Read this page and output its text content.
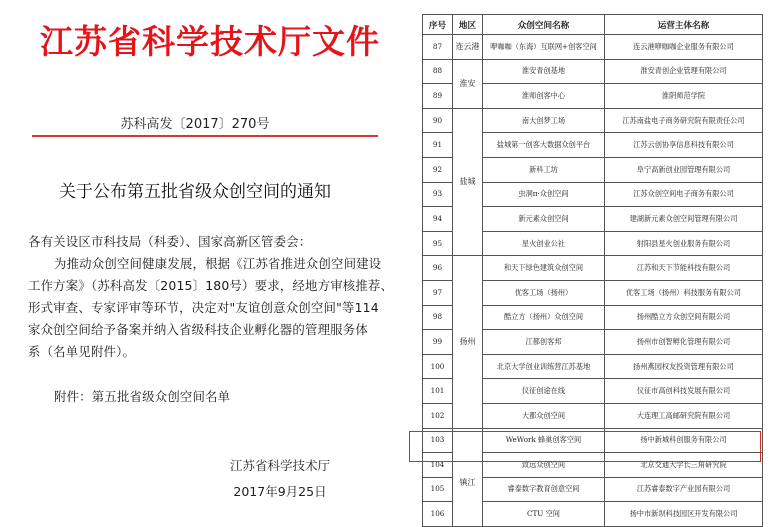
江苏省科学技术厅文件
苏科高发〔2017〕270号
关于公布第五批省级众创空间的通知
各有关设区市科技局（科委）、国家高新区管委会：
为推动众创空间健康发展，根据《江苏省推进众创空间建设
工作方案》（苏科高发〔2015〕180号）要求，经地方审核推荐、
形式审查、专家评审等环节，决定对"友谊创意众创空间"等114
家众创空间给予备案并纳入省级科技企业孵化器的管理服务体
系（名单见附件）。
附件：第五批省级众创空间名单
江苏省科学技术厅
2017年9月25日
序号	地区	众创空间名称	运营主体名称
87	连云港	咿咖咖（东海）互联网+创客空间	连云港咿咖咖企业服务有限公司
88	淮安	淮安青创基地	淮安青创企业管理有限公司
89		淮师创客中心	淮阴师范学院
90	盐城	南大创梦工场	江苏南盐电子商务研究院有限责任公司
91		盐城第一创客大数据众创平台	江苏云创协享信息科技有限公司
92		新科工坊	阜宁高新创业园管理有限公司
93		虫洞π·众创空间	江苏众创空间电子商务有限公司
94		新元素众创空间	建湖新元素众创空间管理有限公司
95		星火创业公社	射阳县星火创业服务有限公司
96	扬州	和天下绿色建筑众创空间	江苏和天下节能科技有限公司
97		优客工场（扬州）	优客工场（扬州）科技服务有限公司
98		酷立方（扬州）众创空间	扬州酷立方众创空间有限公司
99		江都创客邦	扬州市创智孵化管理有限公司
100		北京大学创业训练营江苏基地	扬州燕园权友投资管理有限公司
101		仪征创途在线	仪征市高创科技发展有限公司
102		大都众创空间	大连理工高邮研究院有限公司
103	镇江	WeWork 蜂巢创客空间	扬中新城科创服务有限公司
104		致远众创空间	北京交通大学长三角研究院
105		睿泰数字教育创意空间	江苏睿泰数字产业园有限公司
106		CTU 空间	扬中市新坝科技园区开发有限公司
